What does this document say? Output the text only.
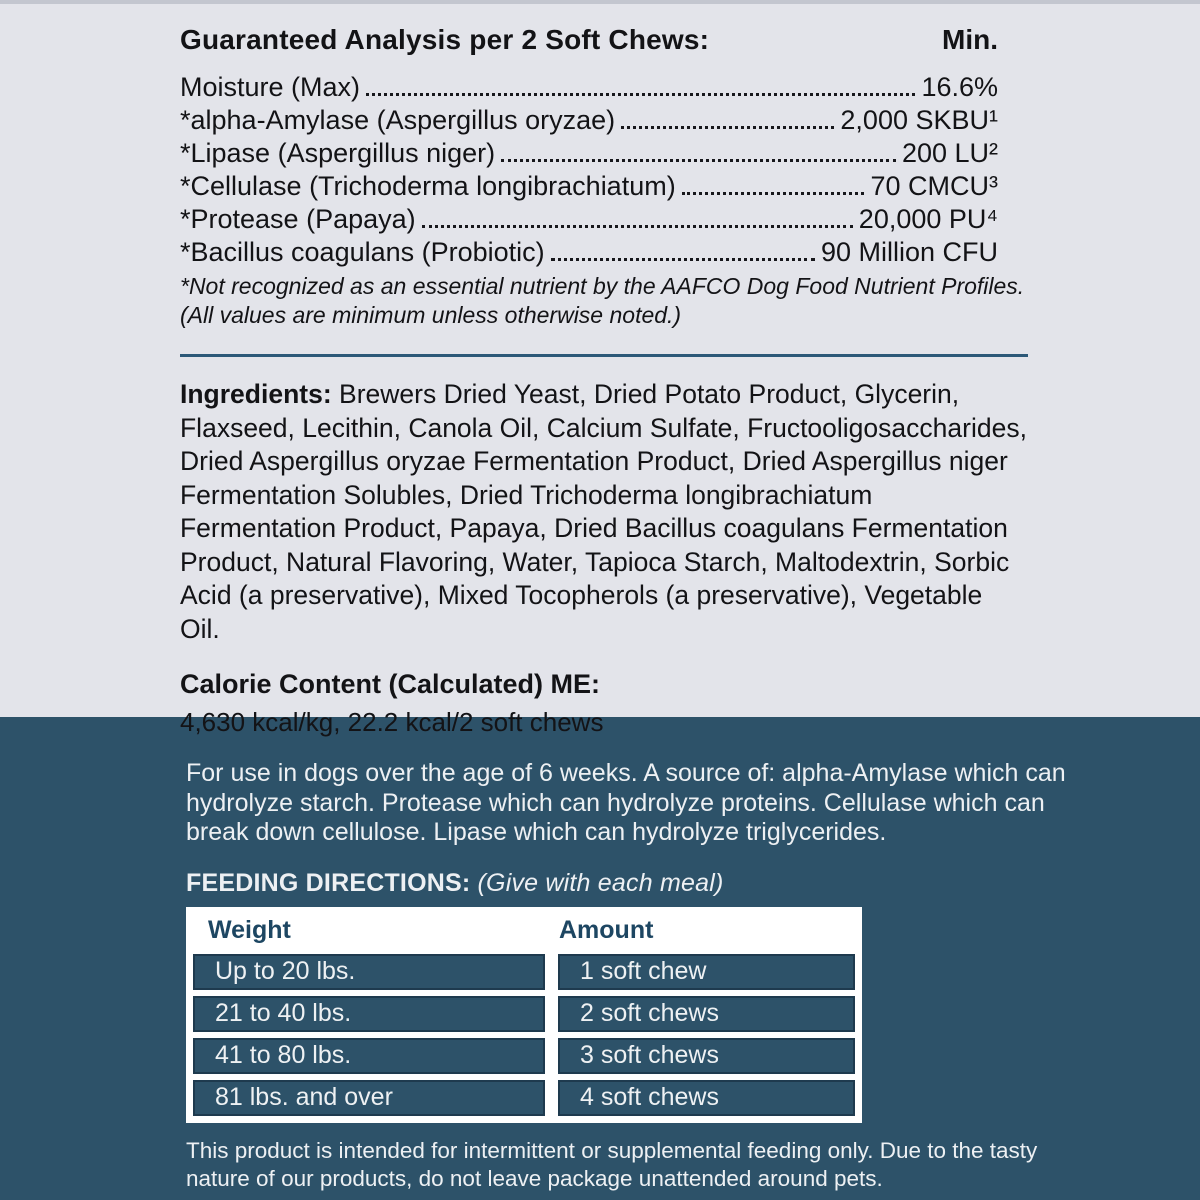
Guaranteed Analysis per 2 Soft Chews:	Min.
Moisture (Max)	16.6%
*alpha-Amylase (Aspergillus oryzae)	2,000 SKBU¹
*Lipase (Aspergillus niger)	200 LU²
*Cellulase (Trichoderma longibrachiatum)	70 CMCU³
*Protease (Papaya)	20,000 PU⁴
*Bacillus coagulans (Probiotic)	90 Million CFU

*Not recognized as an essential nutrient by the AAFCO Dog Food Nutrient Profiles.

(All values are minimum unless otherwise noted.)

Ingredients: Brewers Dried Yeast, Dried Potato Product, Glycerin, Flaxseed, Lecithin, Canola Oil, Calcium Sulfate, Fructooligosaccharides, Dried Aspergillus oryzae Fermentation Product, Dried Aspergillus niger Fermentation Solubles, Dried Trichoderma longibrachiatum Fermentation Product, Papaya, Dried Bacillus coagulans Fermentation Product, Natural Flavoring, Water, Tapioca Starch, Maltodextrin, Sorbic Acid (a preservative), Mixed Tocopherols (a preservative), Vegetable Oil.

Calorie Content (Calculated) ME:

4,630 kcal/kg, 22.2 kcal/2 soft chews

For use in dogs over the age of 6 weeks. A source of: alpha-Amylase which can hydrolyze starch. Protease which can hydrolyze proteins. Cellulase which can break down cellulose. Lipase which can hydrolyze triglycerides.

FEEDING DIRECTIONS: (Give with each meal)
Weight	Amount
Up to 20 lbs.	1 soft chew
21 to 40 lbs.	2 soft chews
41 to 80 lbs.	3 soft chews
81 lbs. and over	4 soft chews

This product is intended for intermittent or supplemental feeding only. Due to the tasty nature of our products, do not leave package unattended around pets.
